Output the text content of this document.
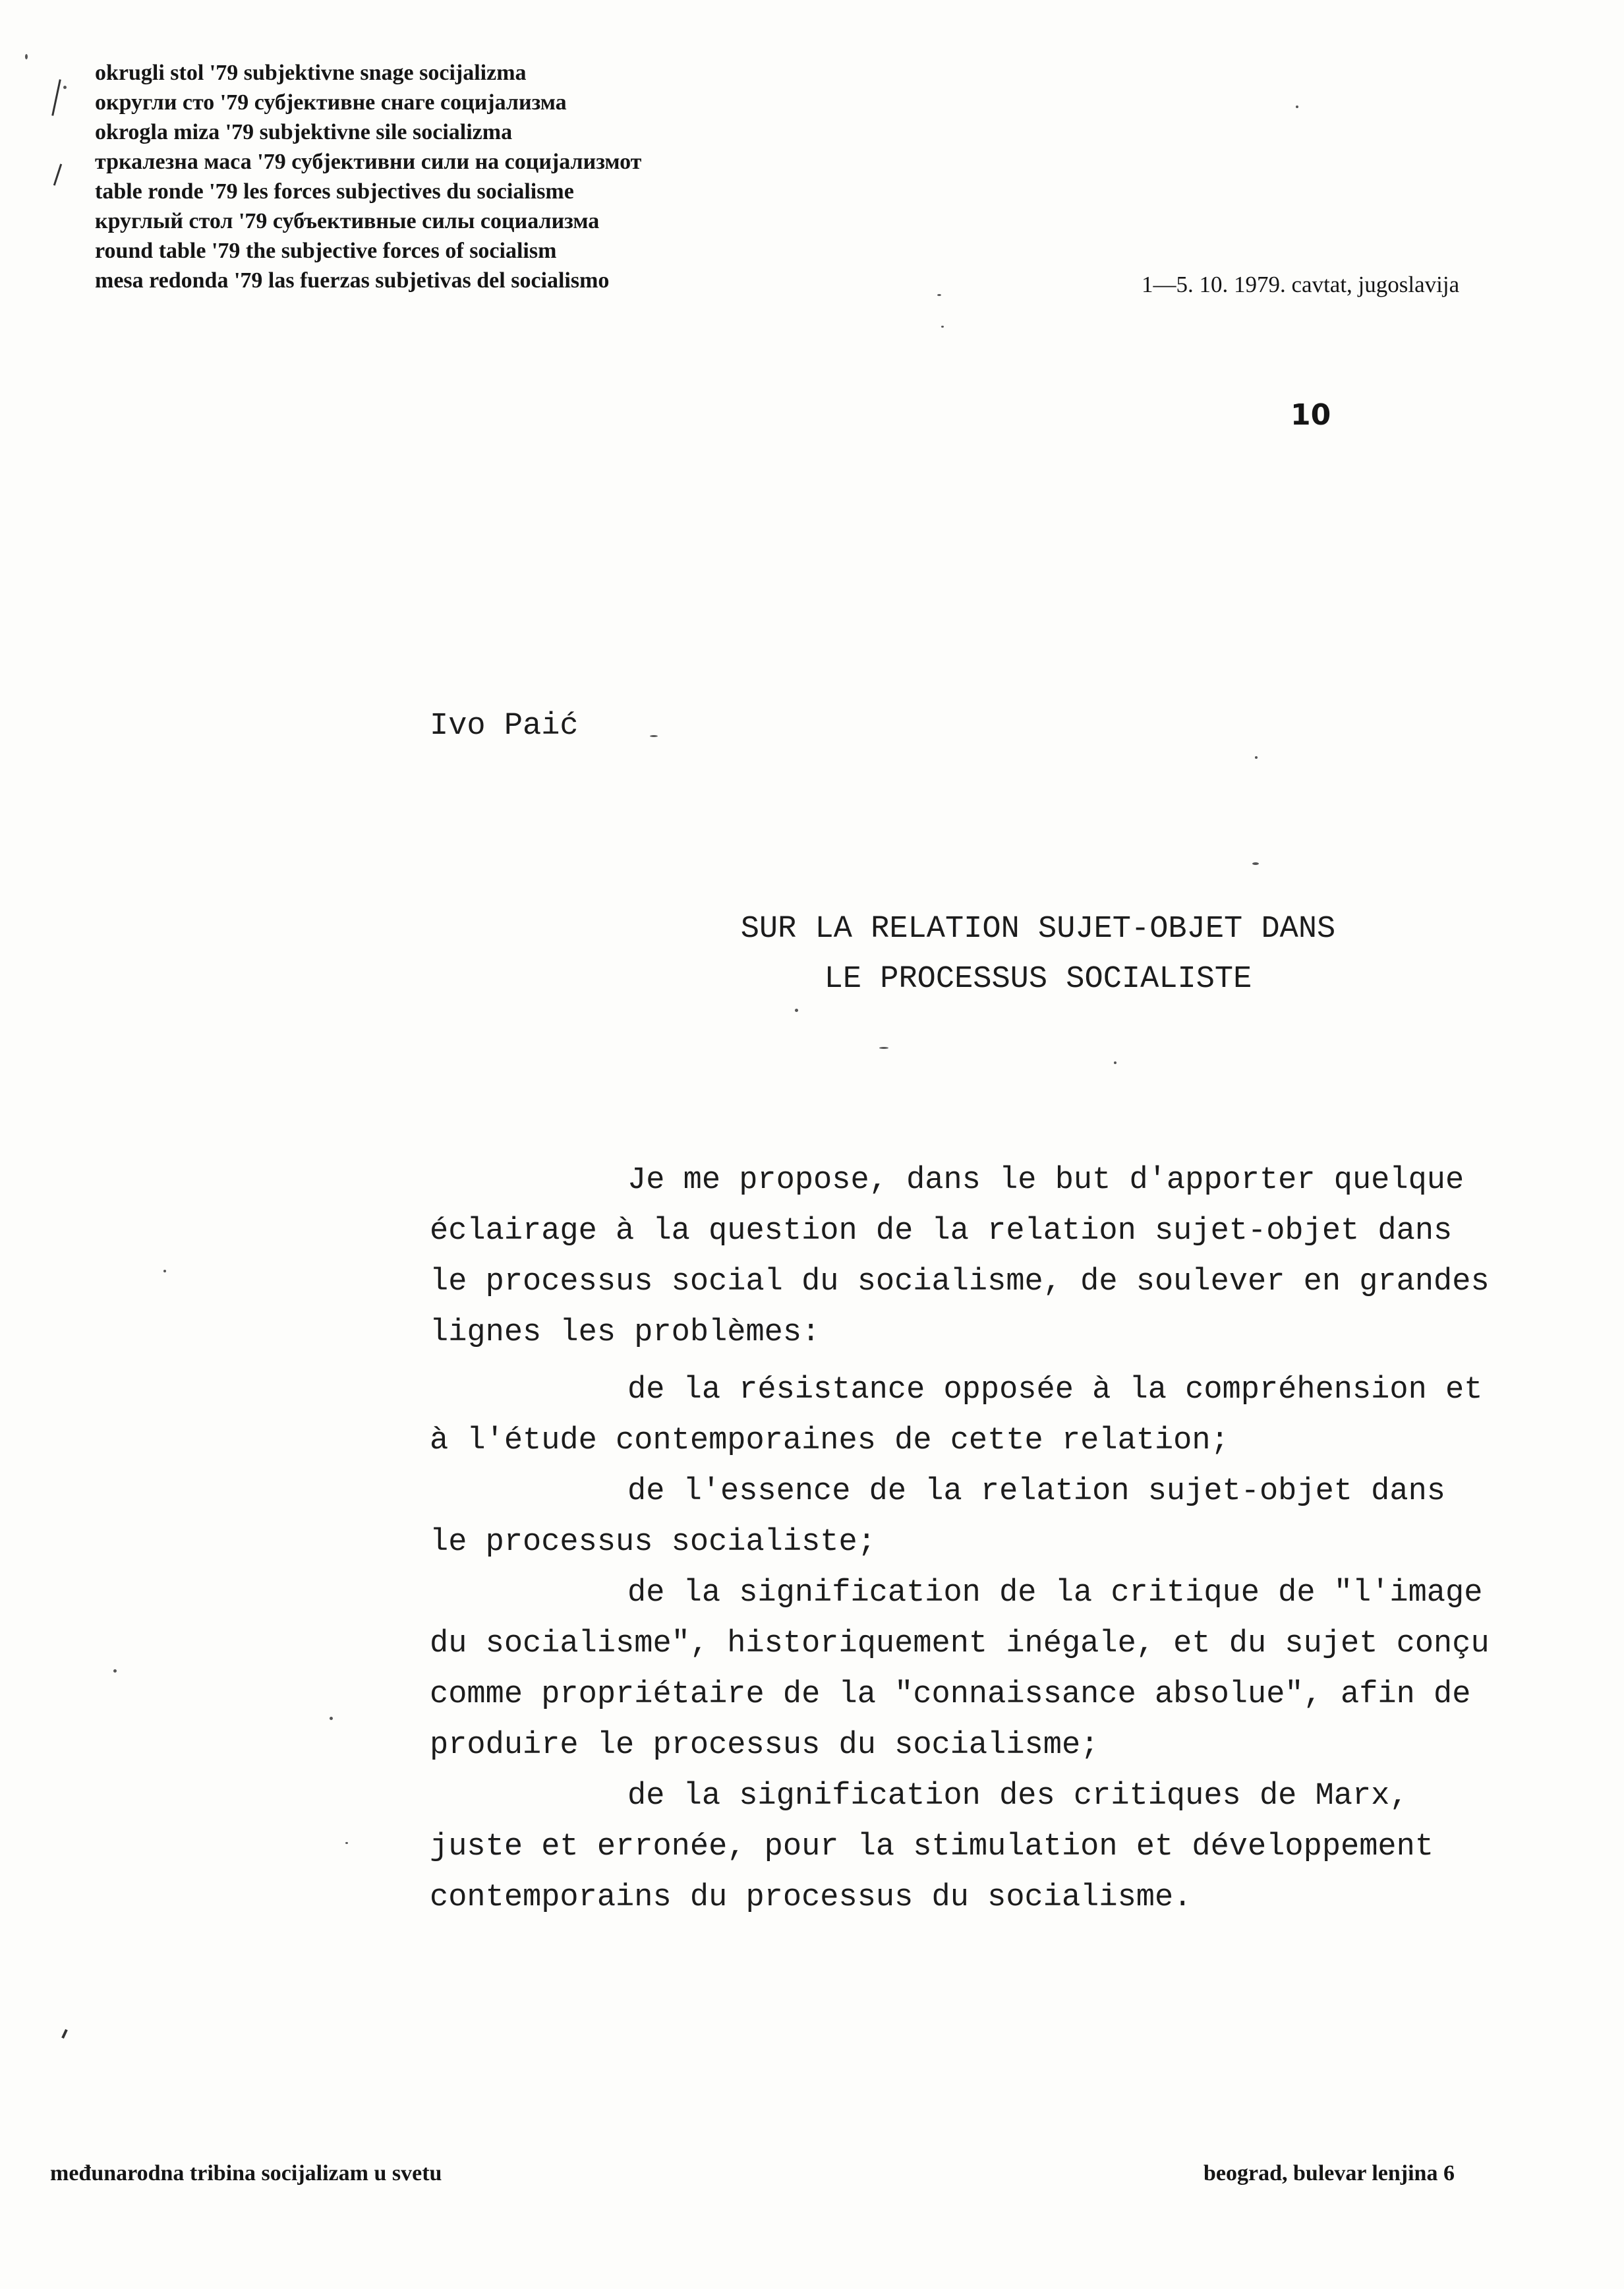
okrugli stol '79 subjektivne snage socijalizma
округли сто '79 субјективне снаге социјализма
okrogla miza '79 subjektivne sile socializma
тркалезна маса '79 субјективни сили на социјализмот
table ronde '79 les forces subjectives du socialisme
круглый стол '79 субъективные силы социализма
round table '79 the subjective forces of socialism
mesa redonda '79 las fuerzas subjetivas del socialismo	1—5. 10. 1979. cavtat, jugoslavija
10
Ivo Paić
SUR LA RELATION SUJET-OBJET DANS
LE PROCESSUS SOCIALISTE
Je me propose, dans le but d'apporter quelque
éclairage à la question de la relation sujet-objet dans
le processus social du socialisme, de soulever en grandes
lignes les problèmes:
de la résistance opposée à la compréhension et
à l'étude contemporaines de cette relation;
de l'essence de la relation sujet-objet dans
le processus socialiste;
de la signification de la critique de "l'image
du socialisme", historiquement inégale, et du sujet conçu
comme propriétaire de la "connaissance absolue", afin de
produire le processus du socialisme;
de la signification des critiques de Marx,
juste et erronée, pour la stimulation et développement
contemporains du processus du socialisme.
međunarodna tribina socijalizam u svetu	beograd, bulevar lenjina 6
